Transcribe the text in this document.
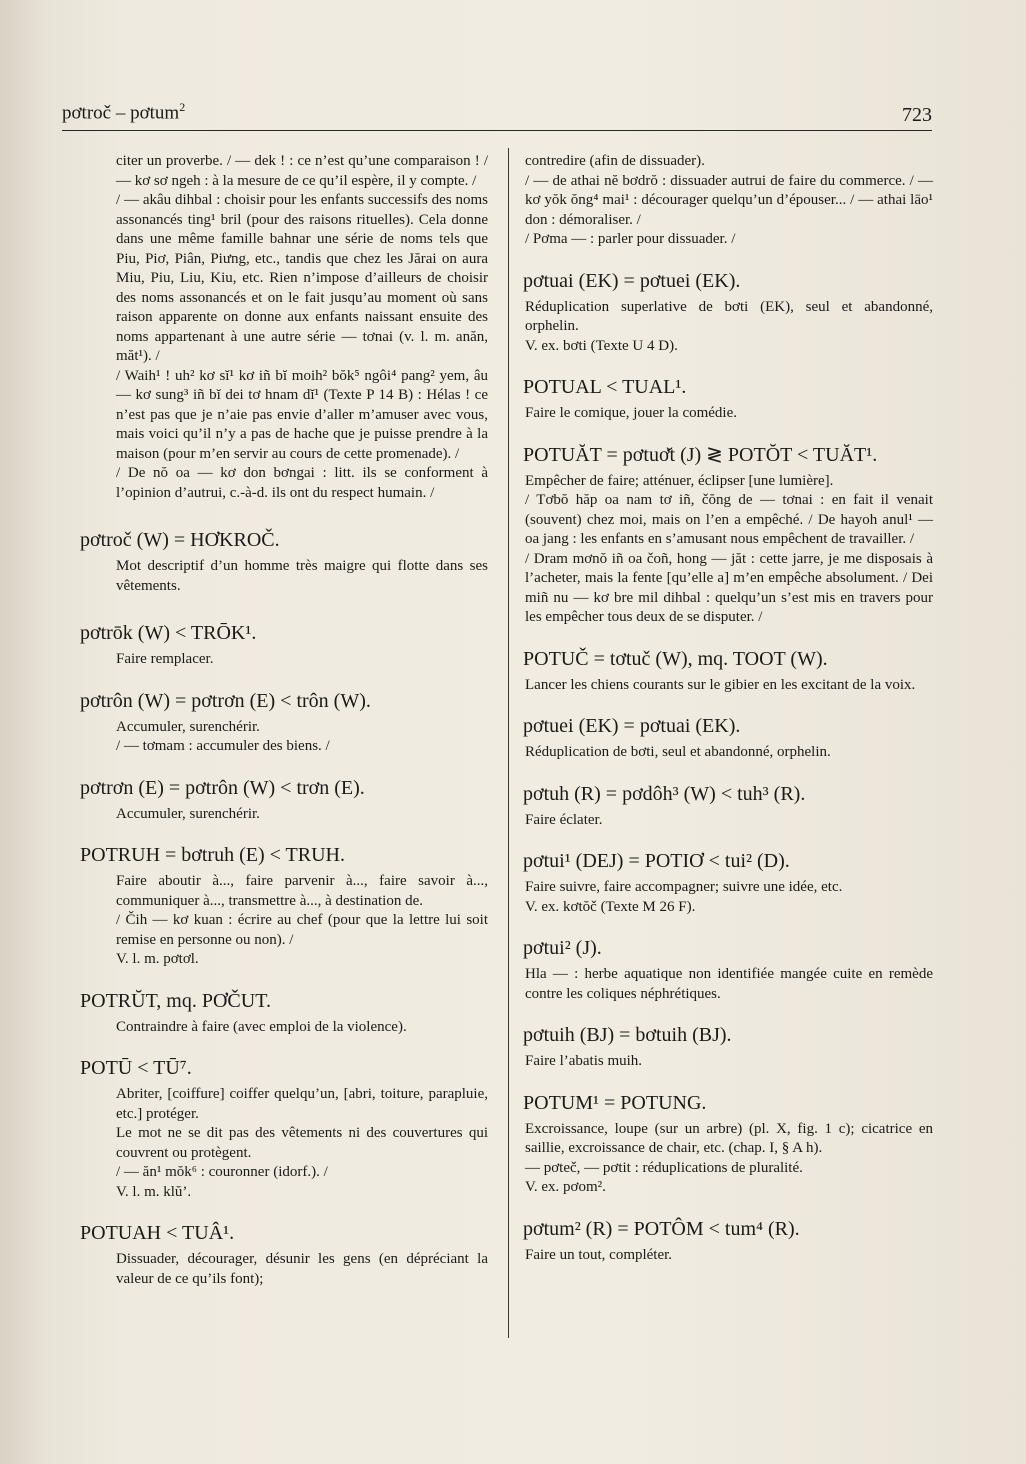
pơtroč – pơtum$^2$	723

citer un proverbe. / — dek ! : ce n’est qu’une comparaison ! / — kơ sơ ngeh : à la mesure de ce qu’il espère, il y compte. /

/ — akâu dihbal : choisir pour les enfants successifs des noms assonancés ting¹ bril (pour des raisons rituelles). Cela donne dans une même famille bahnar une série de noms tels que Piu, Piơ, Piân, Piưng, etc., tandis que chez les Jărai on aura Miu, Piu, Liu, Kiu, etc. Rien n’impose d’ailleurs de choisir des noms assonancés et on le fait jusqu’au moment où sans raison apparente on donne aux enfants naissant ensuite des noms appartenant à une autre série — tơnai (v. l. m. anăn, măt¹). /

/ Waih¹ ! uh² kơ sĭ¹ kơ iñ bĭ moih² bŏk⁵ ngôi⁴ pang² yem, âu — kơ sung³ iñ bĭ dei tơ hnam dĭ¹ (Texte P 14 B) : Hélas ! ce n’est pas que je n’aie pas envie d’aller m’amuser avec vous, mais voici qu’il n’y a pas de hache que je puisse prendre à la maison (pour m’en servir au cours de cette promenade). /

/ De nŏ oa — kơ don bơngai : litt. ils se conforment à l’opinion d’autrui, c.-à-d. ils ont du respect humain. /

pơtroč (W) = HƠKROČ.

Mot descriptif d’un homme très maigre qui flotte dans ses vêtements.

pơtrōk (W) < TRŌK¹.

Faire remplacer.

pơtrôn (W) = pơtrơn (E) < trôn (W).

Accumuler, surenchérir.

/ — tơmam : accumuler des biens. /

pơtrơn (E) = pơtrôn (W) < trơn (E).

Accumuler, surenchérir.

POTRUH = bơtruh (E) < TRUH.

Faire aboutir à..., faire parvenir à..., faire savoir à..., communiquer à..., transmettre à..., à destination de.

/ Čih — kơ kuan : écrire au chef (pour que la lettre lui soit remise en personne ou non). /

V. l. m. pơtơl.

POTRŬT, mq. PƠČUT.

Contraindre à faire (avec emploi de la violence).

POTŪ < TŪ⁷.

Abriter, [coiffure] coiffer quelqu’un, [abri, toiture, parapluie, etc.] protéger.

Le mot ne se dit pas des vêtements ni des couvertures qui couvrent ou protègent.

/ — ăn¹ mŏk⁶ : couronner (idorf.). /

V. l. m. klŭ’.

POTUAH < TUÂ¹.

Dissuader, décourager, désunir les gens (en dépréciant la valeur de ce qu’ils font);

contredire (afin de dissuader).

/ — de athai nĕ bơdrŏ : dissuader autrui de faire du commerce. / — kơ yŏk ŏng⁴ mai¹ : décourager quelqu’un d’épouser... / — athai lāo¹ don : démoraliser. /

/ Pơma — : parler pour dissuader. /

pơtuai (EK) = pơtuei (EK).

Réduplication superlative de bơti (EK), seul et abandonné, orphelin.

V. ex. bơti (Texte U 4 D).

POTUAL < TUAL¹.

Faire le comique, jouer la comédie.

POTUĂT = pơtuơ̆t (J) ≷ POTŎT < TUĂT¹.

Empêcher de faire; atténuer, éclipser [une lumière].

/ Tơbŏ hăp oa nam tơ iñ, čŏng de — tơnai : en fait il venait (souvent) chez moi, mais on l’en a empêché. / De hayoh anul¹ — oa jang : les enfants en s’amusant nous empêchent de travailler. /

/ Dram mơnŏ iñ oa čoñ, hong — jăt : cette jarre, je me disposais à l’acheter, mais la fente [qu’elle a] m’en empêche absolument. / Dei miñ nu — kơ bre mil dihbal : quelqu’un s’est mis en travers pour les empêcher tous deux de se disputer. /

POTUČ = tơtuč (W), mq. TOOT (W).

Lancer les chiens courants sur le gibier en les excitant de la voix.

pơtuei (EK) = pơtuai (EK).

Réduplication de bơti, seul et abandonné, orphelin.

pơtuh (R) = pơdôh³ (W) < tuh³ (R).

Faire éclater.

pơtui¹ (DEJ) = POTIƠ < tui² (D).

Faire suivre, faire accompagner; suivre une idée, etc.

V. ex. kơtŏč (Texte M 26 F).

pơtui² (J).

Hla — : herbe aquatique non identifiée mangée cuite en remède contre les coliques néphrétiques.

pơtuih (BJ) = bơtuih (BJ).

Faire l’abatis muih.

POTUM¹ = POTUNG.

Excroissance, loupe (sur un arbre) (pl. X, fig. 1 c); cicatrice en saillie, excroissance de chair, etc. (chap. I, § A h).

— pơteč, — pơtit : réduplications de pluralité.

V. ex. pơom².

pơtum² (R) = POTÔM < tum⁴ (R).

Faire un tout, compléter.
